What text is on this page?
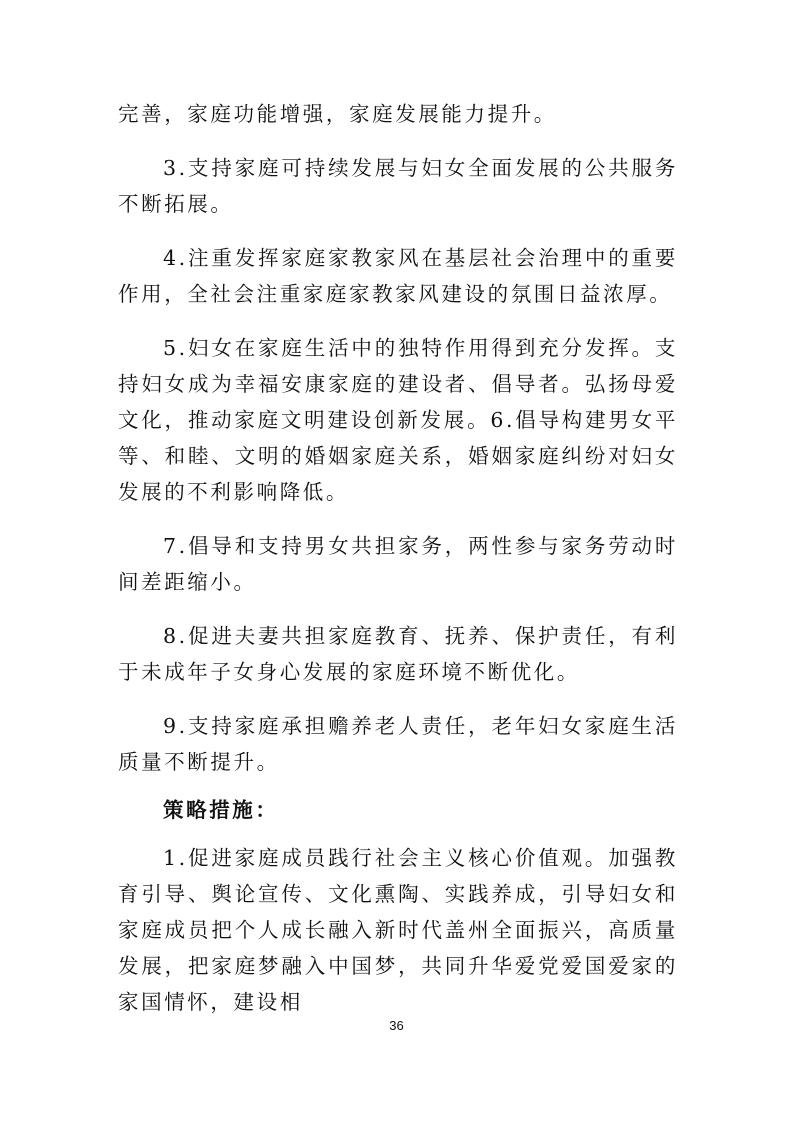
完善，家庭功能增强，家庭发展能力提升。

3.支持家庭可持续发展与妇女全面发展的公共服务不断拓展。

4.注重发挥家庭家教家风在基层社会治理中的重要作用，全社会注重家庭家教家风建设的氛围日益浓厚。

5.妇女在家庭生活中的独特作用得到充分发挥。支持妇女成为幸福安康家庭的建设者、倡导者。弘扬母爱文化，推动家庭文明建设创新发展。6.倡导构建男女平等、和睦、文明的婚姻家庭关系，婚姻家庭纠纷对妇女发展的不利影响降低。

7.倡导和支持男女共担家务，两性参与家务劳动时间差距缩小。

8.促进夫妻共担家庭教育、抚养、保护责任，有利于未成年子女身心发展的家庭环境不断优化。

9.支持家庭承担赡养老人责任，老年妇女家庭生活质量不断提升。

策略措施：

1.促进家庭成员践行社会主义核心价值观。加强教育引导、舆论宣传、文化熏陶、实践养成，引导妇女和家庭成员把个人成长融入新时代盖州全面振兴，高质量发展，把家庭梦融入中国梦，共同升华爱党爱国爱家的家国情怀，建设相

36
